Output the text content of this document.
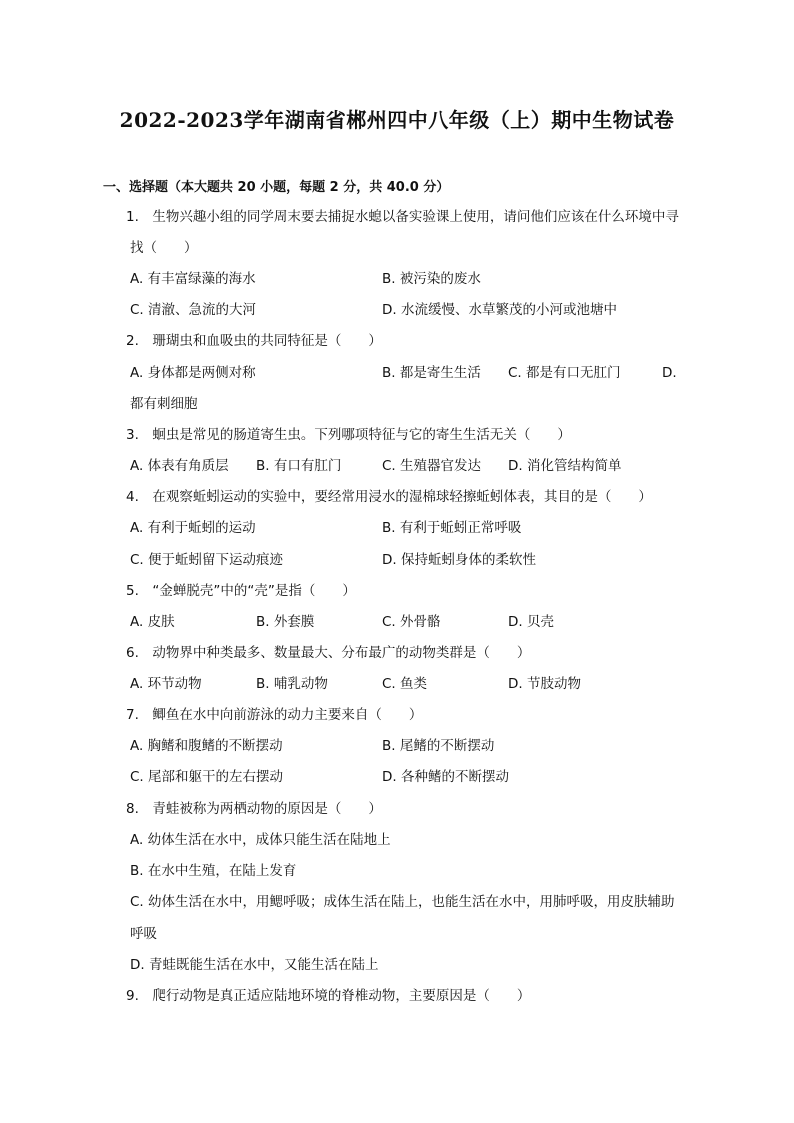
2022-2023学年湖南省郴州四中八年级（上）期中生物试卷
一、选择题（本大题共 20 小题，每题 2 分，共 40.0 分）
1.　生物兴趣小组的同学周末要去捕捉水螅以备实验课上使用，请问他们应该在什么环境中寻
找（　　）
A. 有丰富绿藻的海水	B. 被污染的废水
C. 清澈、急流的大河	D. 水流缓慢、水草繁茂的小河或池塘中
2.　珊瑚虫和血吸虫的共同特征是（　　）
A. 身体都是两侧对称	B. 都是寄生生活 C. 都是有口无肛门	D.
都有刺细胞
3.　蛔虫是常见的肠道寄生虫。下列哪项特征与它的寄生生活无关（　　）
A. 体表有角质层 B. 有口有肛门	C. 生殖器官发达 D. 消化管结构简单
4.　在观察蚯蚓运动的实验中，要经常用浸水的湿棉球轻擦蚯蚓体表，其目的是（　　）
A. 有利于蚯蚓的运动	B. 有利于蚯蚓正常呼吸
C. 便于蚯蚓留下运动痕迹	D. 保持蚯蚓身体的柔软性
5.　“金蝉脱壳”中的“壳”是指（　　）
A. 皮肤	B. 外套膜	C. 外骨骼	D. 贝壳
6.　动物界中种类最多、数量最大、分布最广的动物类群是（　　）
A. 环节动物	B. 哺乳动物	C. 鱼类	D. 节肢动物
7.　鲫鱼在水中向前游泳的动力主要来自（　　）
A. 胸鳍和腹鳍的不断摆动	B. 尾鳍的不断摆动
C. 尾部和躯干的左右摆动	D. 各种鳍的不断摆动
8.　青蛙被称为两栖动物的原因是（　　）
A. 幼体生活在水中，成体只能生活在陆地上
B. 在水中生殖，在陆上发育
C. 幼体生活在水中，用鳃呼吸；成体生活在陆上，也能生活在水中，用肺呼吸，用皮肤辅助
呼吸
D. 青蛙既能生活在水中，又能生活在陆上
9.　爬行动物是真正适应陆地环境的脊椎动物，主要原因是（　　）
